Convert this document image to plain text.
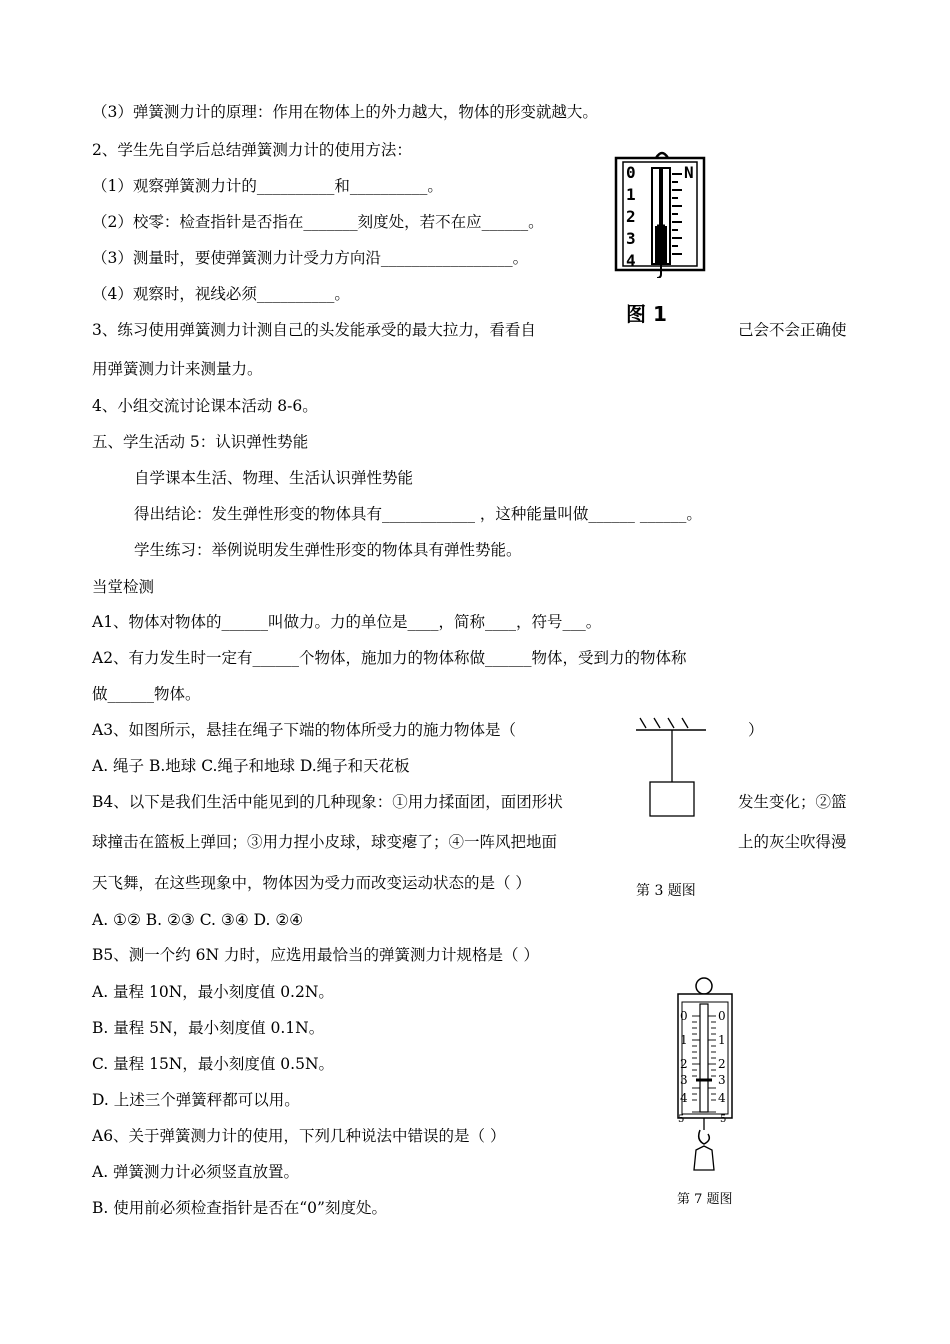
（3）弹簧测力计的原理：作用在物体上的外力越大，物体的形变就越大。
2、学生先自学后总结弹簧测力计的使用方法：
（1）观察弹簧测力计的__________和__________。
（2）校零：检查指针是否指在_______刻度处，若不在应______。
（3）测量时，要使弹簧测力计受力方向沿_________________。
（4）观察时，视线必须__________。
3、练习使用弹簧测力计测自己的头发能承受的最大拉力，看看自	己会不会正确使
用弹簧测力计来测量力。
4、小组交流讨论课本活动 8-6。
五、学生活动 5：认识弹性势能
自学课本生活、物理、生活认识弹性势能
得出结论：发生弹性形变的物体具有____________ ，这种能量叫做______ ______。
学生练习：举例说明发生弹性形变的物体具有弹性势能。
当堂检测
A1、物体对物体的______叫做力。力的单位是____，简称____，符号___。
A2、有力发生时一定有______个物体，施加力的物体称做______物体，受到力的物体称
做______物体。
A3、如图所示，悬挂在绳子下端的物体所受力的施力物体是（	）
A. 绳子 B.地球 C.绳子和地球 D.绳子和天花板
B4、以下是我们生活中能见到的几种现象：①用力揉面团，面团形状	发生变化；②篮
球撞击在篮板上弹回；③用力捏小皮球，球变瘪了；④一阵风把地面	上的灰尘吹得漫
天飞舞，在这些现象中，物体因为受力而改变运动状态的是（ ）
A. ①② B. ②③ C. ③④ D. ②④
B5、测一个约 6N 力时，应选用最恰当的弹簧测力计规格是（ ）
A. 量程 10N，最小刻度值 0.2N。
B. 量程 5N，最小刻度值 0.1N。
C. 量程 15N，最小刻度值 0.5N。
D. 上述三个弹簧秤都可以用。
A6、关于弹簧测力计的使用，下列几种说法中错误的是（ ）
A. 弹簧测力计必须竖直放置。
B. 使用前必须检查指针是否在“0”刻度处。
0
1
2
3
4
N
图 1
第 3 题图
0	0
1	1
2	2
3	3
4	4
5	5
第 7 题图
